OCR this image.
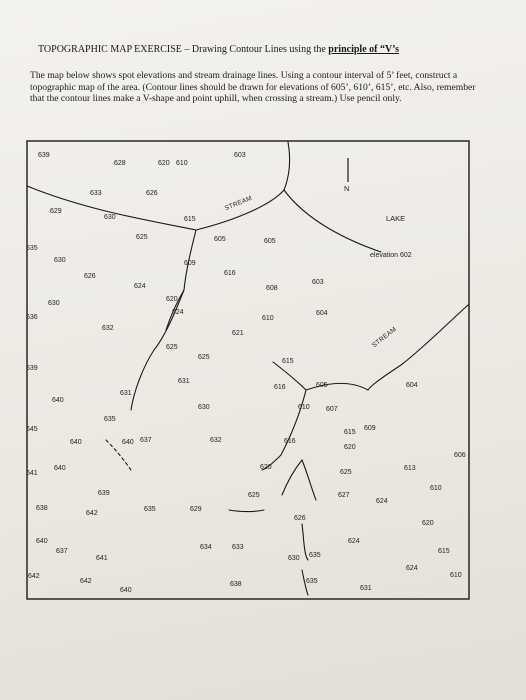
TOPOGRAPHIC MAP EXERCISE – Drawing Contour Lines using the principle of “V’s
The map below shows spot elevations and stream drainage lines. Using a contour interval of 5’ feet, construct a topographic map of the area. (Contour lines should be drawn for elevations of 605’, 610’, 615’, etc. Also, remember that the contour lines make a V-shape and point uphill, when crossing a stream.) Use pencil only.
639
628	620 610
603
633	626
629
630	615
625	605	605
635
630	609
616
626
624	608
603
620
630
624	604
636	610
632
621
625
625
615
639
631
616	605	604
640
631
630	610 607
635
609
645
640	640 637	632
615
616
620
606
641
640	620
625
613
639	625	627
610
624
638
642
635	629
626
620
640
637
634	633
624
641	630 635
615
624
642
642
640
638	635
631
610
N
LAKE
elevation 602
STREAM
STREAM
